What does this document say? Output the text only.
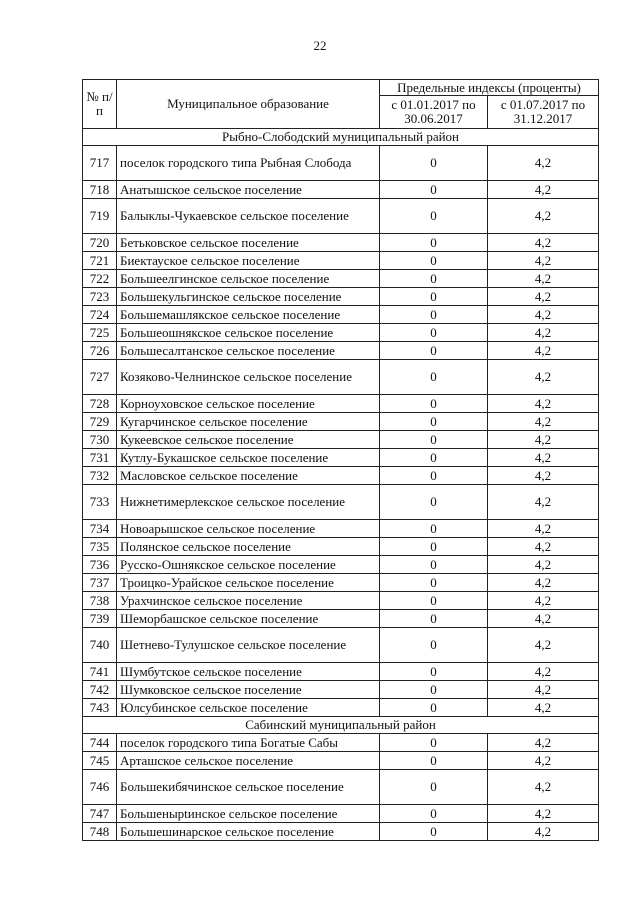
22
№ п/п	Муниципальное образование	Предельные индексы (проценты)	
		с 01.01.2017 по 30.06.2017	с 01.07.2017 по 31.12.2017
Рыбно-Слободский муниципальный район			
717	поселок городского типа Рыбная Слобода	0	4,2
718	Анатышское сельское поселение	0	4,2
719	Балыклы-Чукаевское сельское поселение	0	4,2
720	Бетьковское сельское поселение	0	4,2
721	Биектауское сельское поселение	0	4,2
722	Большеелгинское сельское поселение	0	4,2
723	Большекульгинское сельское поселение	0	4,2
724	Большемашлякское сельское поселение	0	4,2
725	Большеошнякское сельское поселение	0	4,2
726	Большесалтанское сельское поселение	0	4,2
727	Козяково-Челнинское сельское поселение	0	4,2
728	Корноуховское сельское поселение	0	4,2
729	Кугарчинское сельское поселение	0	4,2
730	Кукеевское сельское поселение	0	4,2
731	Кутлу-Букашское сельское поселение	0	4,2
732	Масловское сельское поселение	0	4,2
733	Нижнетимерлекское сельское поселение	0	4,2
734	Новоарышское сельское поселение	0	4,2
735	Полянское сельское поселение	0	4,2
736	Русско-Ошнякское сельское поселение	0	4,2
737	Троицко-Урайское сельское поселение	0	4,2
738	Урахчинское сельское поселение	0	4,2
739	Шеморбашское сельское поселение	0	4,2
740	Шетнево-Тулушское сельское поселение	0	4,2
741	Шумбутское сельское поселение	0	4,2
742	Шумковское сельское поселение	0	4,2
743	Юлсубинское сельское поселение	0	4,2
Сабинский муниципальный район			
744	поселок городского типа Богатые Сабы	0	4,2
745	Арташское сельское поселение	0	4,2
746	Большекибячинское сельское поселение	0	4,2
747	Большенырtинское сельское поселение	0	4,2
748	Большешинарское сельское поселение	0	4,2
